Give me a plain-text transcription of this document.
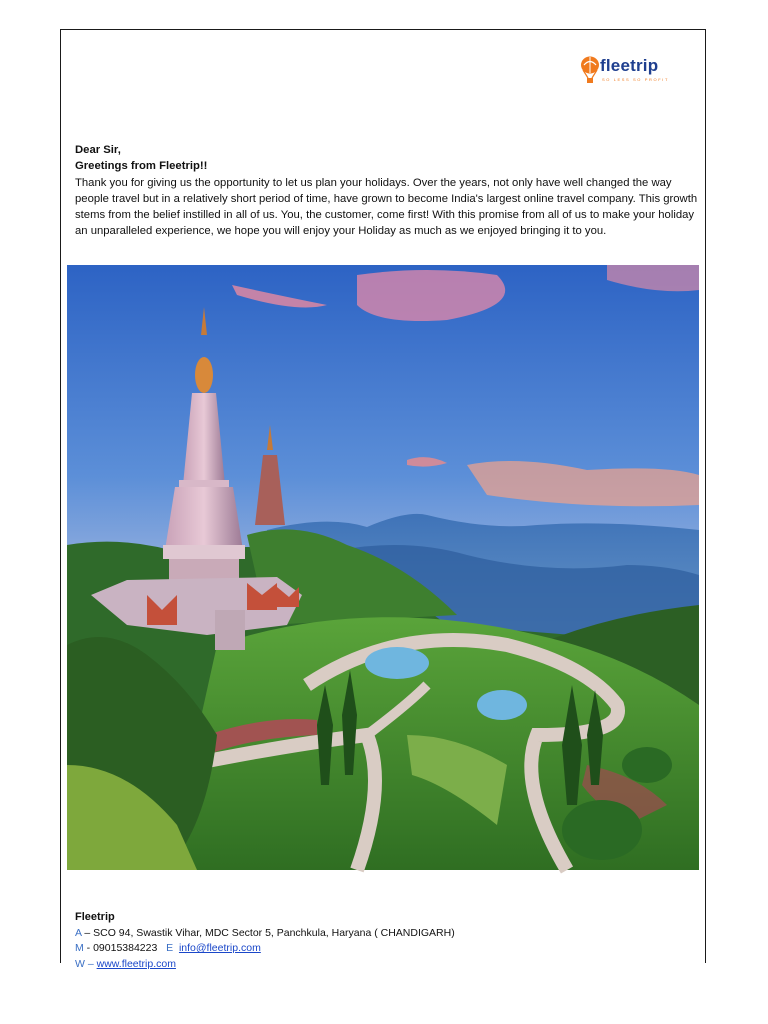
fleetrip
SO LESS SO PROFIT
Dear Sir,
Greetings from Fleetrip!!

Thank you for giving us the opportunity to let us plan your holidays. Over the years, not only have well changed the way people travel but in a relatively short period of time, have grown to become India's largest online travel company. This growth stems from the belief instilled in all of us. You, the customer, come first! With this promise from all of us to make your holiday an unparalleled experience, we hope you will enjoy your Holiday as much as we enjoyed bringing it to you.

Fleetrip
A – SCO 94, Swastik Vihar, MDC Sector 5, Panchkula, Haryana ( CHANDIGARH)
M - 09015384223 E info@fleetrip.com
W – www.fleetrip.com
